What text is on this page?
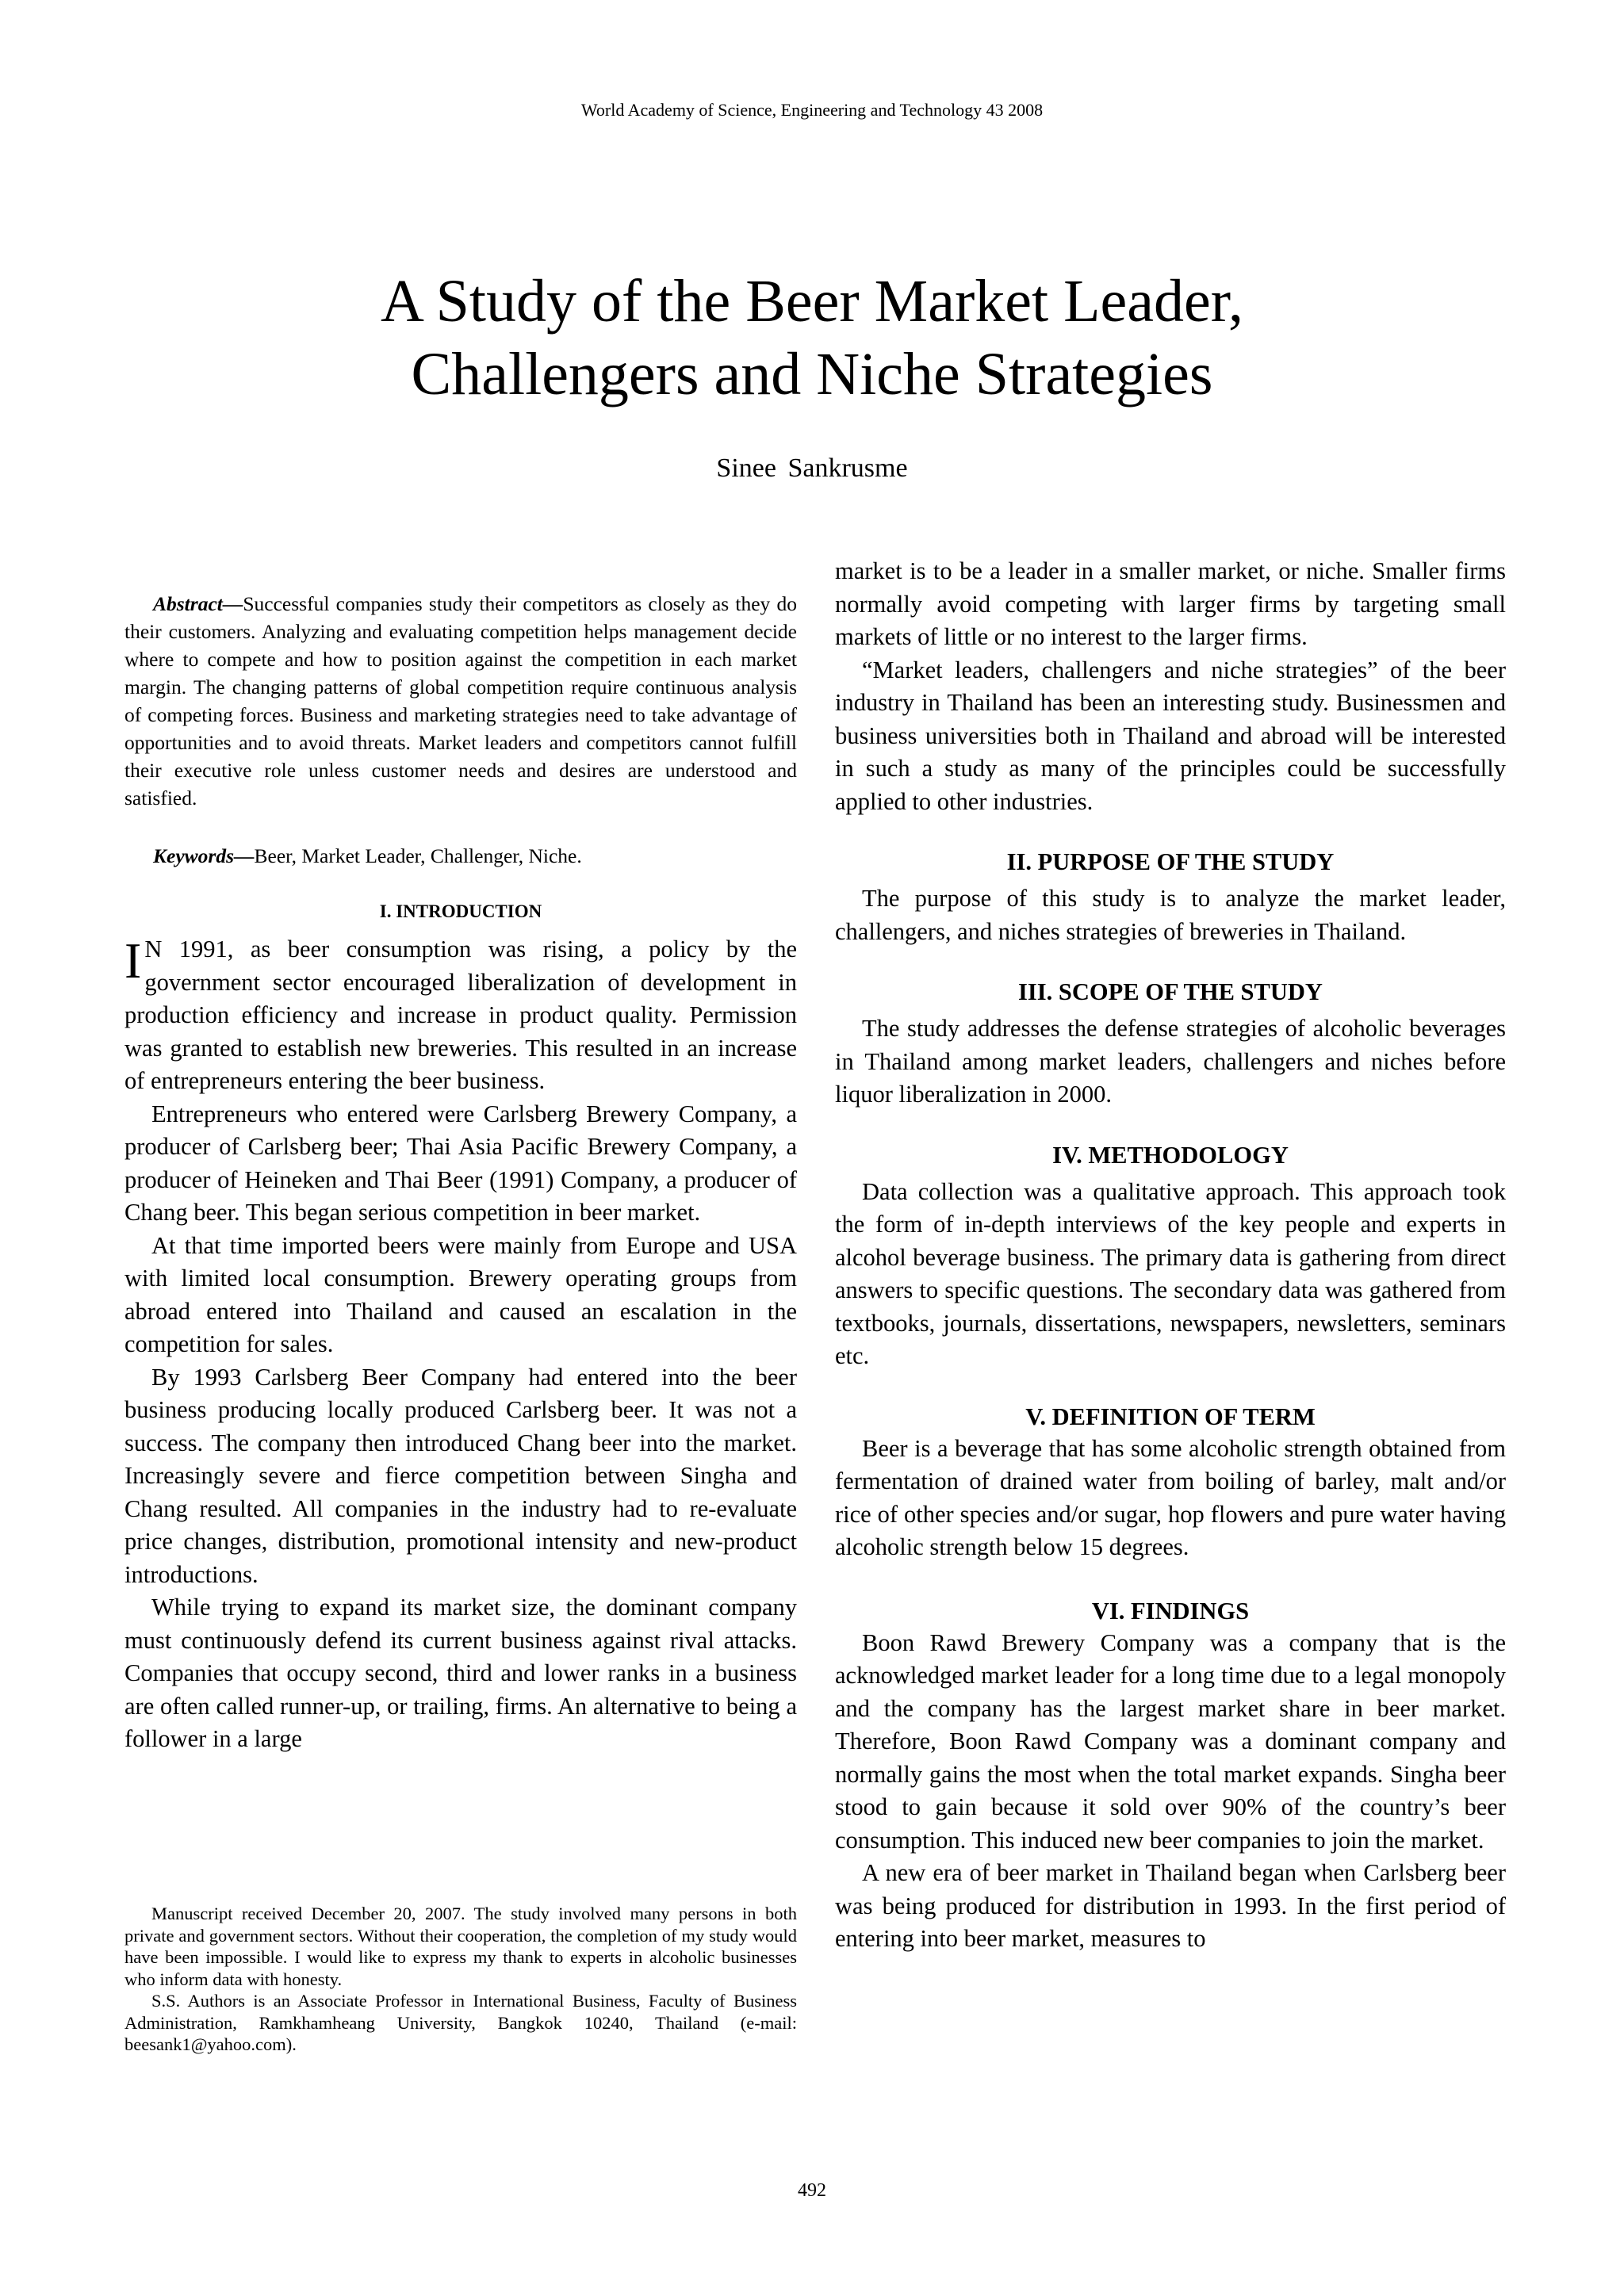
World Academy of Science, Engineering and Technology 43 2008
A Study of the Beer Market Leader,
Challengers and Niche Strategies
Sinee Sankrusme

Abstract—Successful companies study their competitors as closely as they do their customers. Analyzing and evaluating competition helps management decide where to compete and how to position against the competition in each market margin. The changing patterns of global competition require continuous analysis of competing forces. Business and marketing strategies need to take advantage of opportunities and to avoid threats. Market leaders and competitors cannot fulfill their executive role unless customer needs and desires are understood and satisfied.

Keywords—Beer, Market Leader, Challenger, Niche.

I. INTRODUCTION

I N 1991, as beer consumption was rising, a policy by the government sector encouraged liberalization of development in production efficiency and increase in product quality. Permission was granted to establish new breweries. This resulted in an increase of entrepreneurs entering the beer business.

Entrepreneurs who entered were Carlsberg Brewery Company, a producer of Carlsberg beer; Thai Asia Pacific Brewery Company, a producer of Heineken and Thai Beer (1991) Company, a producer of Chang beer. This began serious competition in beer market.

At that time imported beers were mainly from Europe and USA with limited local consumption. Brewery operating groups from abroad entered into Thailand and caused an escalation in the competition for sales.

By 1993 Carlsberg Beer Company had entered into the beer business producing locally produced Carlsberg beer. It was not a success. The company then introduced Chang beer into the market. Increasingly severe and fierce competition between Singha and Chang resulted. All companies in the industry had to re-evaluate price changes, distribution, promotional intensity and new-product introductions.

While trying to expand its market size, the dominant company must continuously defend its current business against rival attacks. Companies that occupy second, third and lower ranks in a business are often called runner-up, or trailing, firms. An alternative to being a follower in a large

Manuscript received December 20, 2007. The study involved many persons in both private and government sectors. Without their cooperation, the completion of my study would have been impossible. I would like to express my thank to experts in alcoholic businesses who inform data with honesty.

S.S. Authors is an Associate Professor in International Business, Faculty of Business Administration, Ramkhamheang University, Bangkok 10240, Thailand (e-mail: beesank1@yahoo.com).

market is to be a leader in a smaller market, or niche. Smaller firms normally avoid competing with larger firms by targeting small markets of little or no interest to the larger firms.

“Market leaders, challengers and niche strategies” of the beer industry in Thailand has been an interesting study. Businessmen and business universities both in Thailand and abroad will be interested in such a study as many of the principles could be successfully applied to other industries.

II. PURPOSE OF THE STUDY

The purpose of this study is to analyze the market leader, challengers, and niches strategies of breweries in Thailand.

III. SCOPE OF THE STUDY

The study addresses the defense strategies of alcoholic beverages in Thailand among market leaders, challengers and niches before liquor liberalization in 2000.

IV. METHODOLOGY

Data collection was a qualitative approach. This approach took the form of in-depth interviews of the key people and experts in alcohol beverage business. The primary data is gathering from direct answers to specific questions. The secondary data was gathered from textbooks, journals, dissertations, newspapers, newsletters, seminars etc.

V. DEFINITION OF TERM

Beer is a beverage that has some alcoholic strength obtained from fermentation of drained water from boiling of barley, malt and/or rice of other species and/or sugar, hop flowers and pure water having alcoholic strength below 15 degrees.

VI. FINDINGS

Boon Rawd Brewery Company was a company that is the acknowledged market leader for a long time due to a legal monopoly and the company has the largest market share in beer market. Therefore, Boon Rawd Company was a dominant company and normally gains the most when the total market expands. Singha beer stood to gain because it sold over 90% of the country’s beer consumption. This induced new beer companies to join the market.

A new era of beer market in Thailand began when Carlsberg beer was being produced for distribution in 1993. In the first period of entering into beer market, measures to

492
